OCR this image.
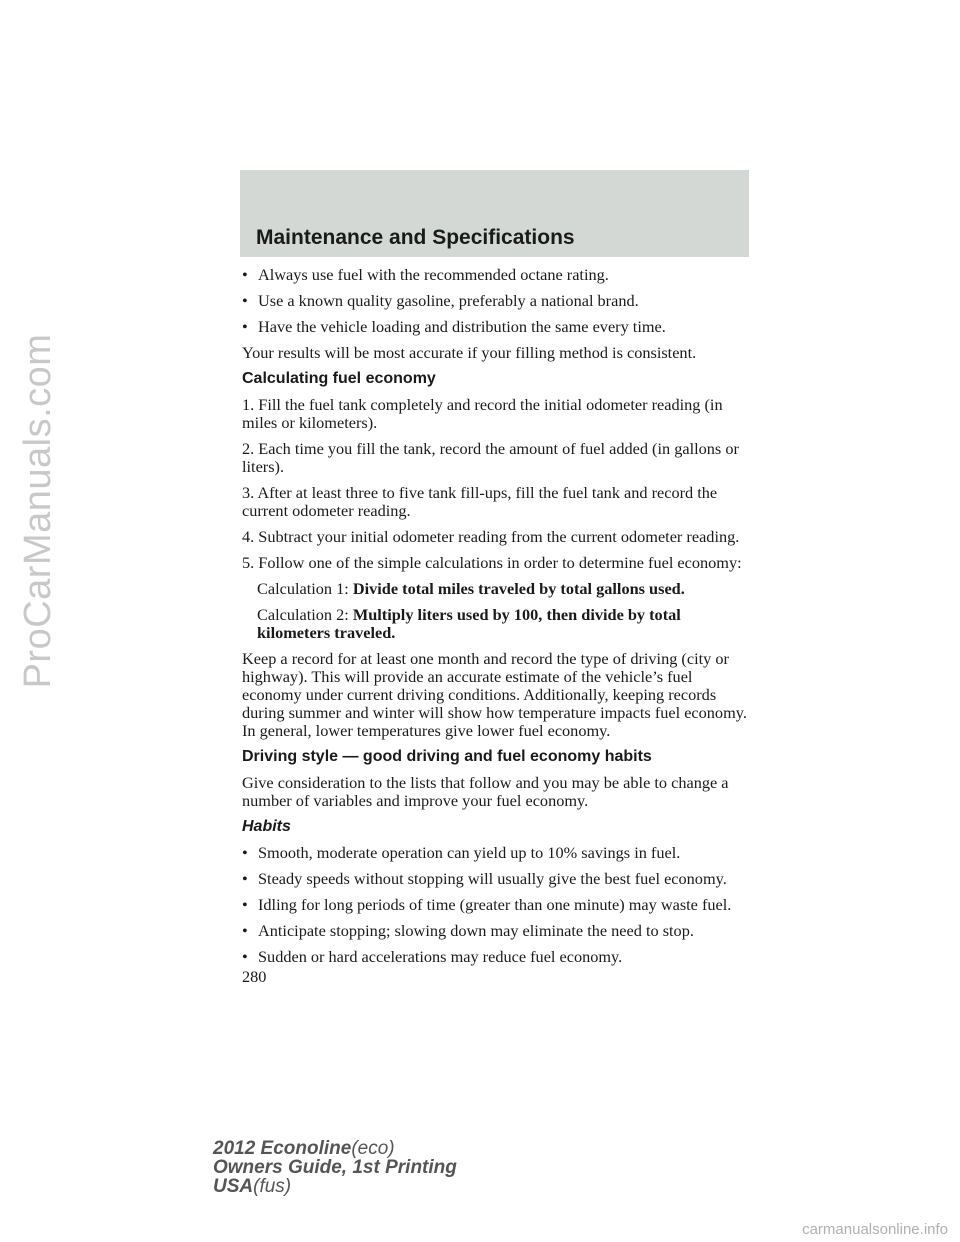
ProCarManuals.com
Maintenance and Specifications
• Always use fuel with the recommended octane rating.
• Use a known quality gasoline, preferably a national brand.
• Have the vehicle loading and distribution the same every time.
Your results will be most accurate if your filling method is consistent.
Calculating fuel economy
1. Fill the fuel tank completely and record the initial odometer reading (in miles or kilometers).
2. Each time you fill the tank, record the amount of fuel added (in gallons or liters).
3. After at least three to five tank fill-ups, fill the fuel tank and record the current odometer reading.
4. Subtract your initial odometer reading from the current odometer reading.
5. Follow one of the simple calculations in order to determine fuel economy:
Calculation 1: Divide total miles traveled by total gallons used.
Calculation 2: Multiply liters used by 100, then divide by total kilometers traveled.
Keep a record for at least one month and record the type of driving (city or highway). This will provide an accurate estimate of the vehicle’s fuel economy under current driving conditions. Additionally, keeping records during summer and winter will show how temperature impacts fuel economy. In general, lower temperatures give lower fuel economy.
Driving style — good driving and fuel economy habits
Give consideration to the lists that follow and you may be able to change a number of variables and improve your fuel economy.
Habits
• Smooth, moderate operation can yield up to 10% savings in fuel.
• Steady speeds without stopping will usually give the best fuel economy.
• Idling for long periods of time (greater than one minute) may waste fuel.
• Anticipate stopping; slowing down may eliminate the need to stop.
• Sudden or hard accelerations may reduce fuel economy.
280
2012 Econoline(eco)
Owners Guide, 1st Printing
USA(fus)
carmanualsonline.info
